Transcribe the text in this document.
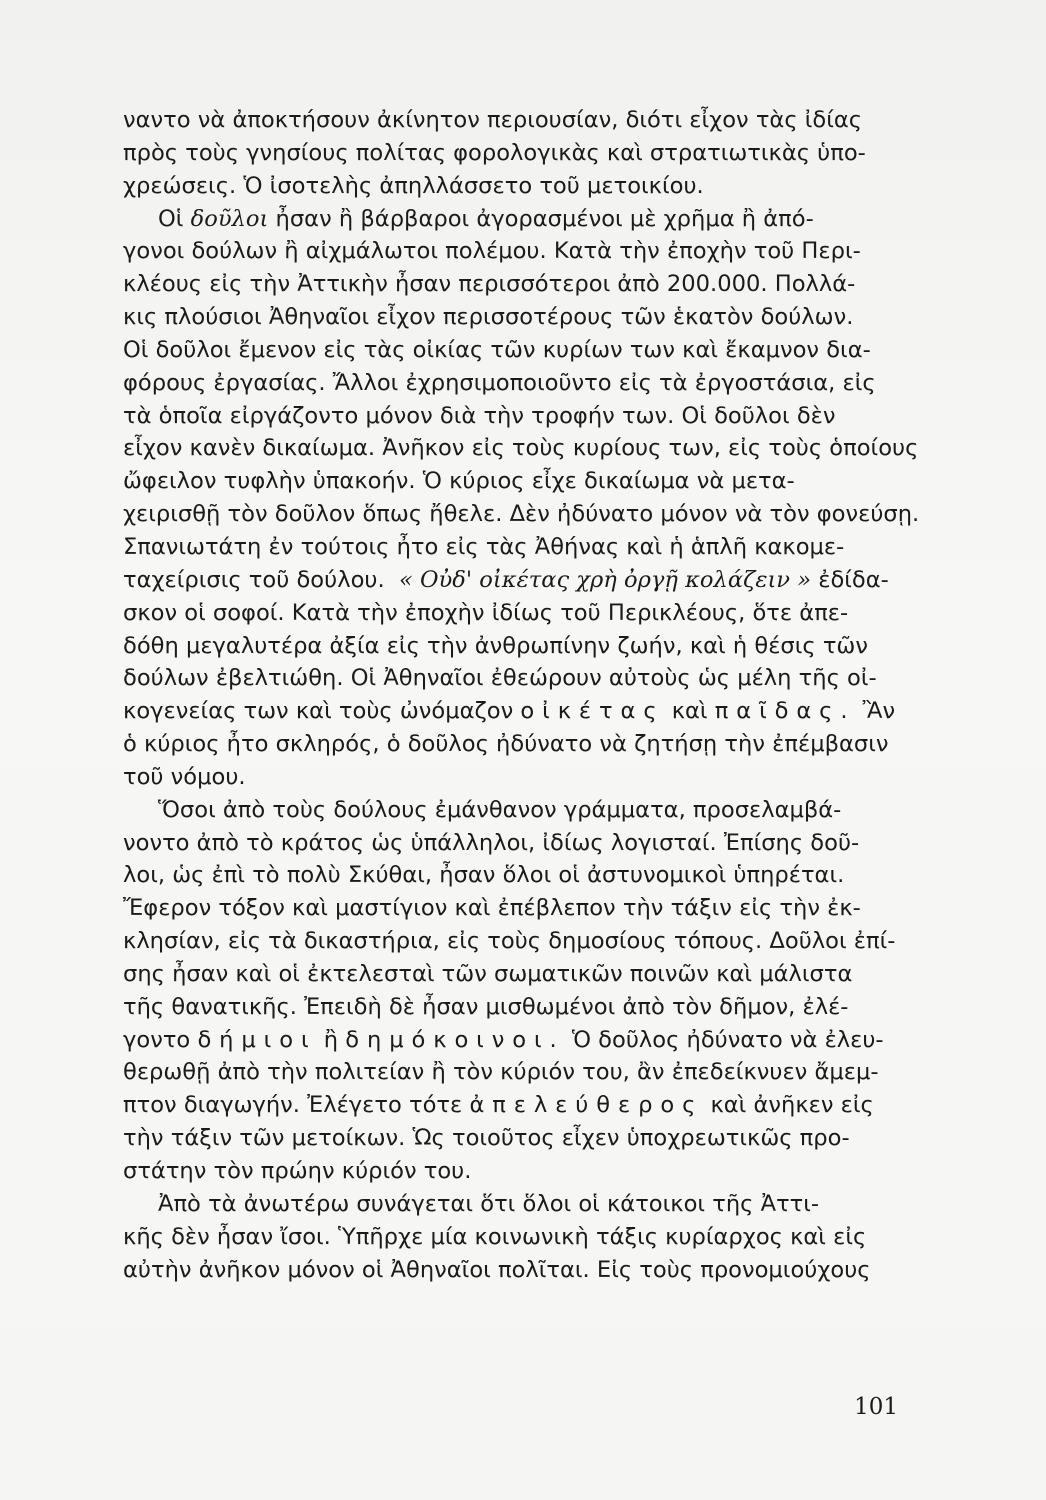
ναντο νὰ ἀποκτήσουν ἀκίνητον περιουσίαν, διότι εἶχον τὰς ἰδίας
πρὸς τοὺς γνησίους πολίτας φορολογικὰς καὶ στρατιωτικὰς ὑπο-
χρεώσεις. Ὁ ἰσοτελὴς ἀπηλλάσσετο τοῦ μετοικίου.
Οἱ δοῦλοι ἦσαν ἢ βάρβαροι ἀγορασμένοι μὲ χρῆμα ἢ ἀπό-
γονοι δούλων ἢ αἰχμάλωτοι πολέμου. Κατὰ τὴν ἐποχὴν τοῦ Περι-
κλέους εἰς τὴν Ἀττικὴν ἦσαν περισσότεροι ἀπὸ 200.000. Πολλά-
κις πλούσιοι Ἀθηναῖοι εἶχον περισσοτέρους τῶν ἑκατὸν δούλων.
Οἱ δοῦλοι ἔμενον εἰς τὰς οἰκίας τῶν κυρίων των καὶ ἔκαμνον δια-
φόρους ἐργασίας. Ἄλλοι ἐχρησιμοποιοῦντο εἰς τὰ ἐργοστάσια, εἰς
τὰ ὁποῖα εἰργάζοντο μόνον διὰ τὴν τροφήν των. Οἱ δοῦλοι δὲν
εἶχον κανὲν δικαίωμα. Ἀνῆκον εἰς τοὺς κυρίους των, εἰς τοὺς ὁποίους
ὤφειλον τυφλὴν ὑπακοήν. Ὁ κύριος εἶχε δικαίωμα νὰ μετα-
χειρισθῇ τὸν δοῦλον ὅπως ἤθελε. Δὲν ἠδύνατο μόνον νὰ τὸν φονεύσῃ.
Σπανιωτάτη ἐν τούτοις ἦτο εἰς τὰς Ἀθήνας καὶ ἡ ἁπλῆ κακομε-
ταχείρισις τοῦ δούλου. « Οὐδ' οἰκέτας χρὴ ὀργῇ κολάζειν » ἐδίδα-
σκον οἱ σοφοί. Κατὰ τὴν ἐποχὴν ἰδίως τοῦ Περικλέους, ὅτε ἀπε-
δόθη μεγαλυτέρα ἀξία εἰς τὴν ἀνθρωπίνην ζωήν, καὶ ἡ θέσις τῶν
δούλων ἐβελτιώθη. Οἱ Ἀθηναῖοι ἐθεώρουν αὐτοὺς ὡς μέλη τῆς οἰ-
κογενείας των καὶ τοὺς ὠνόμαζον οἰκέτας καὶ παῖδας. Ἂν
ὁ κύριος ἦτο σκληρός, ὁ δοῦλος ἠδύνατο νὰ ζητήσῃ τὴν ἐπέμβασιν
τοῦ νόμου.
Ὅσοι ἀπὸ τοὺς δούλους ἐμάνθανον γράμματα, προσελαμβά-
νοντο ἀπὸ τὸ κράτος ὡς ὑπάλληλοι, ἰδίως λογισταί. Ἐπίσης δοῦ-
λοι, ὡς ἐπὶ τὸ πολὺ Σκύθαι, ἦσαν ὅλοι οἱ ἀστυνομικοὶ ὑπηρέται.
Ἔφερον τόξον καὶ μαστίγιον καὶ ἐπέβλεπον τὴν τάξιν εἰς τὴν ἐκ-
κλησίαν, εἰς τὰ δικαστήρια, εἰς τοὺς δημοσίους τόπους. Δοῦλοι ἐπί-
σης ἦσαν καὶ οἱ ἐκτελεσταὶ τῶν σωματικῶν ποινῶν καὶ μάλιστα
τῆς θανατικῆς. Ἐπειδὴ δὲ ἦσαν μισθωμένοι ἀπὸ τὸν δῆμον, ἐλέ-
γοντο δήμιοι ἢ δημόκοινοι. Ὁ δοῦλος ἠδύνατο νὰ ἐλευ-
θερωθῇ ἀπὸ τὴν πολιτείαν ἢ τὸν κύριόν του, ἂν ἐπεδείκνυεν ἄμεμ-
πτον διαγωγήν. Ἐλέγετο τότε ἀπελεύθερος καὶ ἀνῆκεν εἰς
τὴν τάξιν τῶν μετοίκων. Ὡς τοιοῦτος εἶχεν ὑποχρεωτικῶς προ-
στάτην τὸν πρώην κύριόν του.
Ἀπὸ τὰ ἀνωτέρω συνάγεται ὅτι ὅλοι οἱ κάτοικοι τῆς Ἀττι-
κῆς δὲν ἦσαν ἴσοι. Ὑπῆρχε μία κοινωνικὴ τάξις κυρίαρχος καὶ εἰς
αὐτὴν ἀνῆκον μόνον οἱ Ἀθηναῖοι πολῖται. Εἰς τοὺς προνομιούχους
101
